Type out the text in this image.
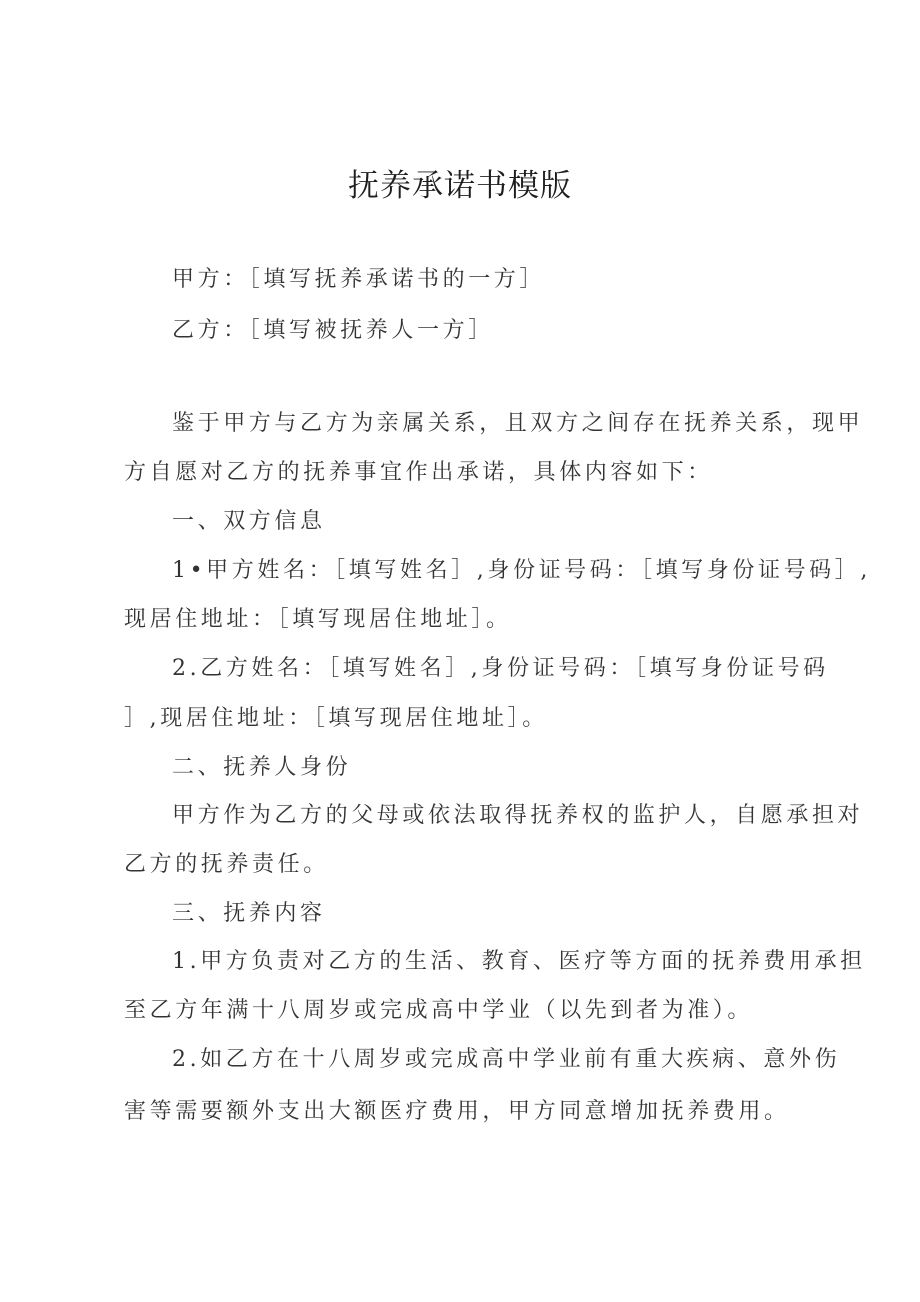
抚养承诺书模版
甲方：［填写抚养承诺书的一方］
乙方：［填写被抚养人一方］
鉴于甲方与乙方为亲属关系，且双方之间存在抚养关系，现甲
方自愿对乙方的抚养事宜作出承诺，具体内容如下：
一、双方信息
1•甲方姓名：［填写姓名］,身份证号码：［填写身份证号码］,
现居住地址：［填写现居住地址］。
2.乙方姓名：［填写姓名］,身份证号码：［填写身份证号码
］,现居住地址：［填写现居住地址］。
二、抚养人身份
甲方作为乙方的父母或依法取得抚养权的监护人，自愿承担对
乙方的抚养责任。
三、抚养内容
1.甲方负责对乙方的生活、教育、医疗等方面的抚养费用承担
至乙方年满十八周岁或完成高中学业（以先到者为准）。
2.如乙方在十八周岁或完成高中学业前有重大疾病、意外伤
害等需要额外支出大额医疗费用，甲方同意增加抚养费用。
